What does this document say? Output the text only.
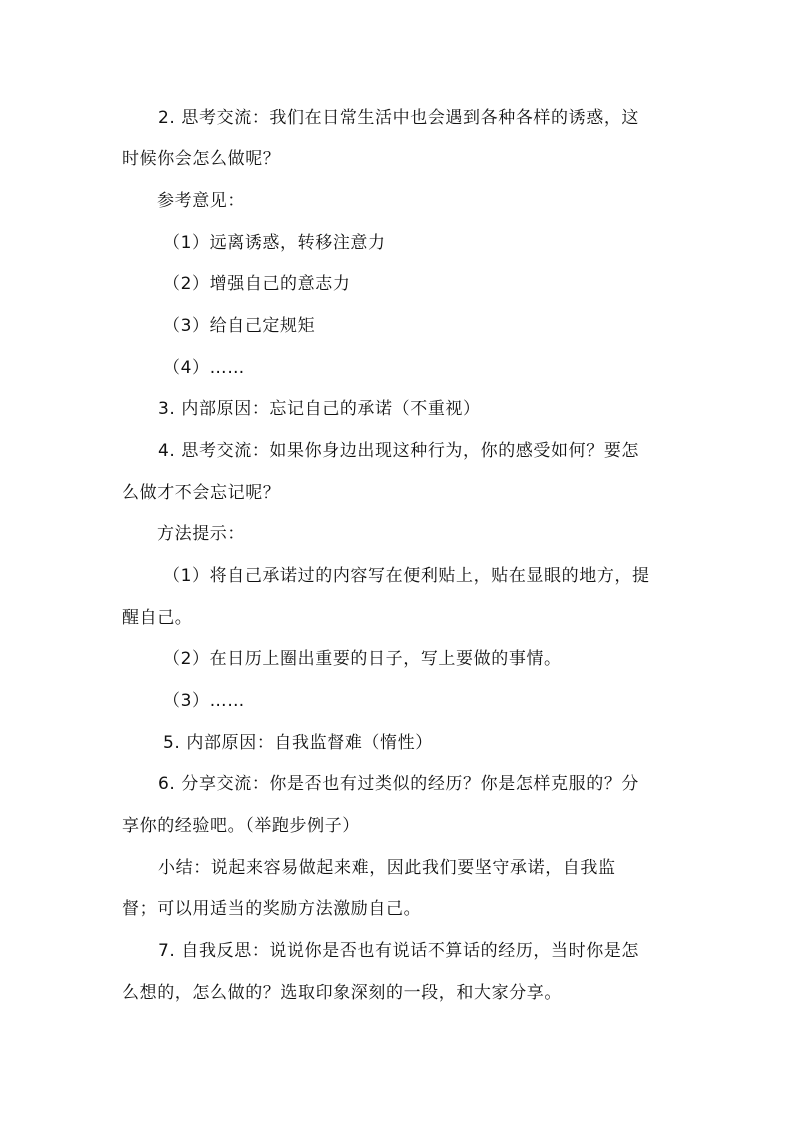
2. 思考交流：我们在日常生活中也会遇到各种各样的诱惑，这
时候你会怎么做呢？
参考意见：
（1）远离诱惑，转移注意力
（2）增强自己的意志力
（3）给自己定规矩
（4）……
3. 内部原因：忘记自己的承诺（不重视）
4. 思考交流：如果你身边出现这种行为，你的感受如何？要怎
么做才不会忘记呢？
方法提示：
（1）将自己承诺过的内容写在便利贴上，贴在显眼的地方，提
醒自己。
（2）在日历上圈出重要的日子，写上要做的事情。
（3）……
5. 内部原因：自我监督难（惰性）
6. 分享交流：你是否也有过类似的经历？你是怎样克服的？分
享你的经验吧。（举跑步例子）
小结：说起来容易做起来难，因此我们要坚守承诺，自我监
督；可以用适当的奖励方法激励自己。
7. 自我反思：说说你是否也有说话不算话的经历，当时你是怎
么想的，怎么做的？选取印象深刻的一段，和大家分享。
